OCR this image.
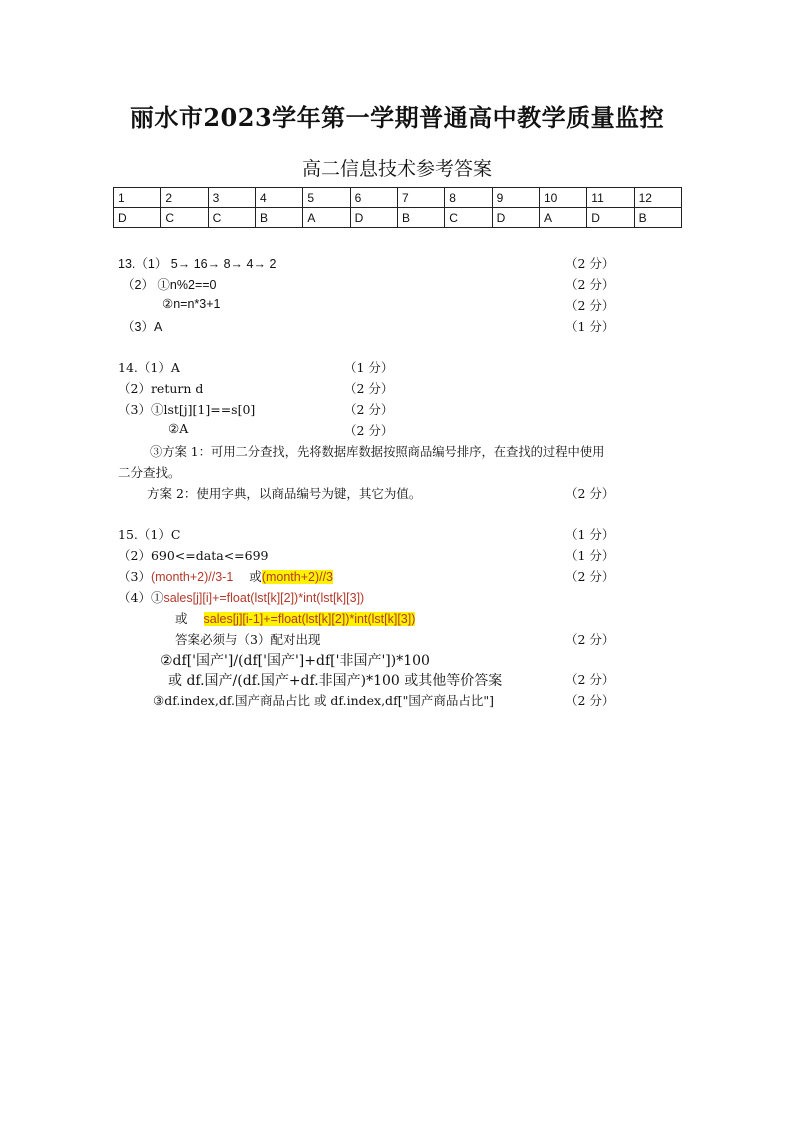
丽水市2023学年第一学期普通高中教学质量监控
高二信息技术参考答案
1	2	3	4	5	6	7	8	9	10	11	12
D	C	C	B	A	D	B	C	D	A	D	B
13.（1） 5→ 16→ 8→ 4→ 2	（2 分）
（2） ①n%2==0	（2 分）
②n=n*3+1	（2 分）
（3）A	（1 分）
14.（1）A	（1 分）
（2）return d	（2 分）
（3）①lst[j][1]==s[0]	（2 分）
②A	（2 分）
③方案 1：可用二分查找，先将数据库数据按照商品编号排序，在查找的过程中使用
二分查找。
方案 2：使用字典，以商品编号为键，其它为值。	（2 分）
15.（1）C	（1 分）
（2）690<=data<=699	（1 分）
（3）(month+2)//3-1 或(month+2)//3	（2 分）
（4）①sales[j][i]+=float(lst[k][2])*int(lst[k][3])
或 sales[j][i-1]+=float(lst[k][2])*int(lst[k][3])
答案必须与（3）配对出现	（2 分）
②df['国产']/(df['国产']+df['非国产'])*100
或 df.国产/(df.国产+df.非国产)*100 或其他等价答案	（2 分）
③df.index,df.国产商品占比 或 df.index,df["国产商品占比"]	（2 分）
